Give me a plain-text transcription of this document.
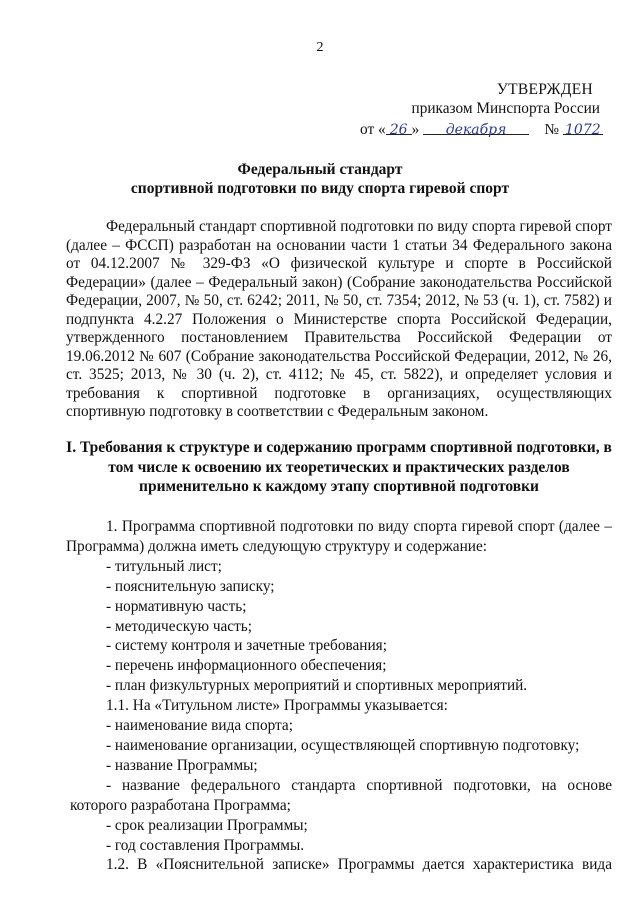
2
УТВЕРЖДЕН
приказом Минспорта России
от « 26 » декабря № 1072
Федеральный стандарт
спортивной подготовки по виду спорта гиревой спорт

Федеральный стандарт спортивной подготовки по виду спорта гиревой спорт (далее – ФССП) разработан на основании части 1 статьи 34 Федерального закона от 04.12.2007 № 329-ФЗ «О физической культуре и спорте в Российской Федерации» (далее – Федеральный закон) (Собрание законодательства Российской Федерации, 2007, № 50, ст. 6242; 2011, № 50, ст. 7354; 2012, № 53 (ч. 1), ст. 7582) и подпункта 4.2.27 Положения о Министерстве спорта Российской Федерации, утвержденного постановлением Правительства Российской Федерации от 19.06.2012 № 607 (Собрание законодательства Российской Федерации, 2012, № 26, ст. 3525; 2013, № 30 (ч. 2), ст. 4112; № 45, ст. 5822), и определяет условия и требования к спортивной подготовке в организациях, осуществляющих спортивную подготовку в соответствии с Федеральным законом.

I. Требования к структуре и содержанию программ спортивной подготовки, в
том числе к освоению их теоретических и практических разделов
применительно к каждому этапу спортивной подготовки
1. Программа спортивной подготовки по виду спорта гиревой спорт (далее – Программа) должна иметь следующую структуру и содержание:
- титульный лист;
- пояснительную записку;
- нормативную часть;
- методическую часть;
- систему контроля и зачетные требования;
- перечень информационного обеспечения;
- план физкультурных мероприятий и спортивных мероприятий.
1.1. На «Титульном листе» Программы указывается:
- наименование вида спорта;
- наименование организации, осуществляющей спортивную подготовку;
- название Программы;
- название федерального стандарта спортивной подготовки, на основе
которого разработана Программа;
- срок реализации Программы;
- год составления Программы.
1.2. В «Пояснительной записке» Программы дается характеристика вида
